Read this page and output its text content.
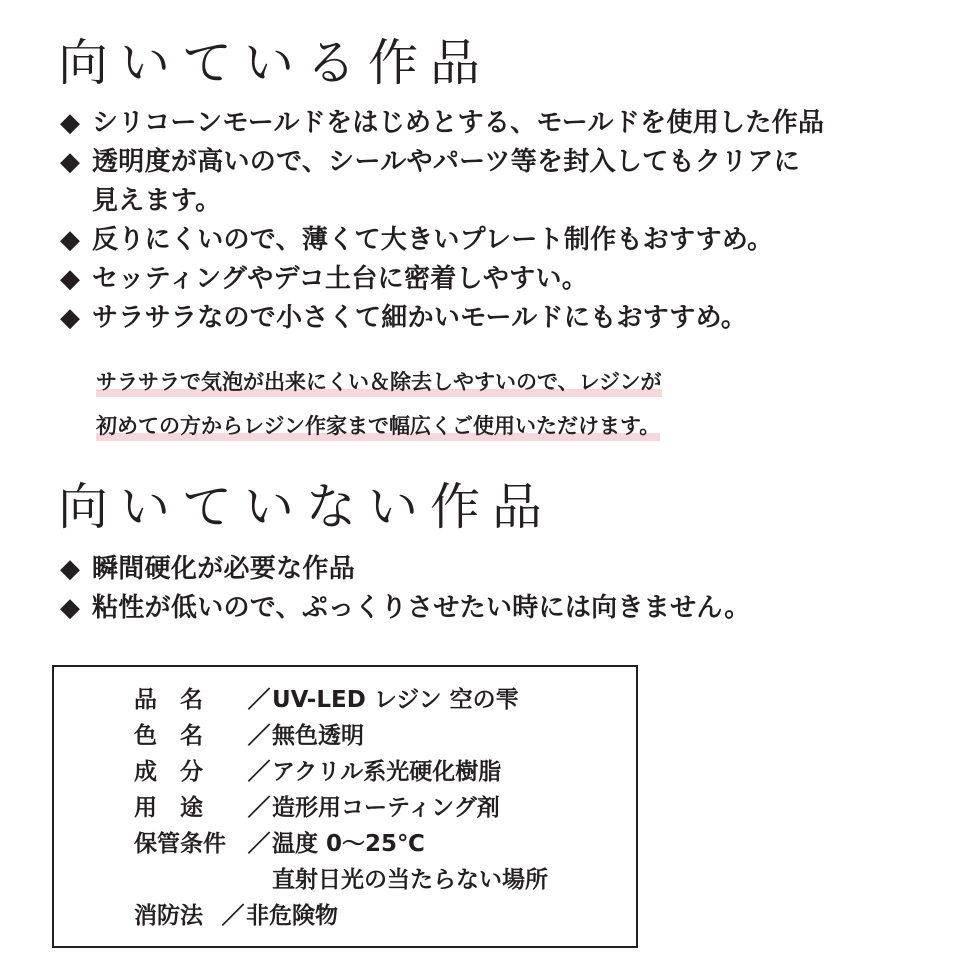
向いている作品
◆ シリコーンモールドをはじめとする、モールドを使用した作品
◆ 透明度が高いので、シールやパーツ等を封入してもクリアに
見えます。
◆ 反りにくいので、薄くて大きいプレート制作もおすすめ。
◆ セッティングやデコ土台に密着しやすい。
◆ サラサラなので小さくて細かいモールドにもおすすめ。
サラサラで気泡が出来にくい＆除去しやすいので、レジンが
初めての方からレジン作家まで幅広くご使用いただけます。
向いていない作品
◆ 瞬間硬化が必要な作品
◆ 粘性が低いので、ぷっくりさせたい時には向きません。
品　名 ／UV-LED レジン 空の雫
色　名 ／無色透明
成　分 ／アクリル系光硬化樹脂
用　途 ／造形用コーティング剤
保管条件 ／温度 0〜25℃
直射日光の当たらない場所
消防法 ／非危険物
